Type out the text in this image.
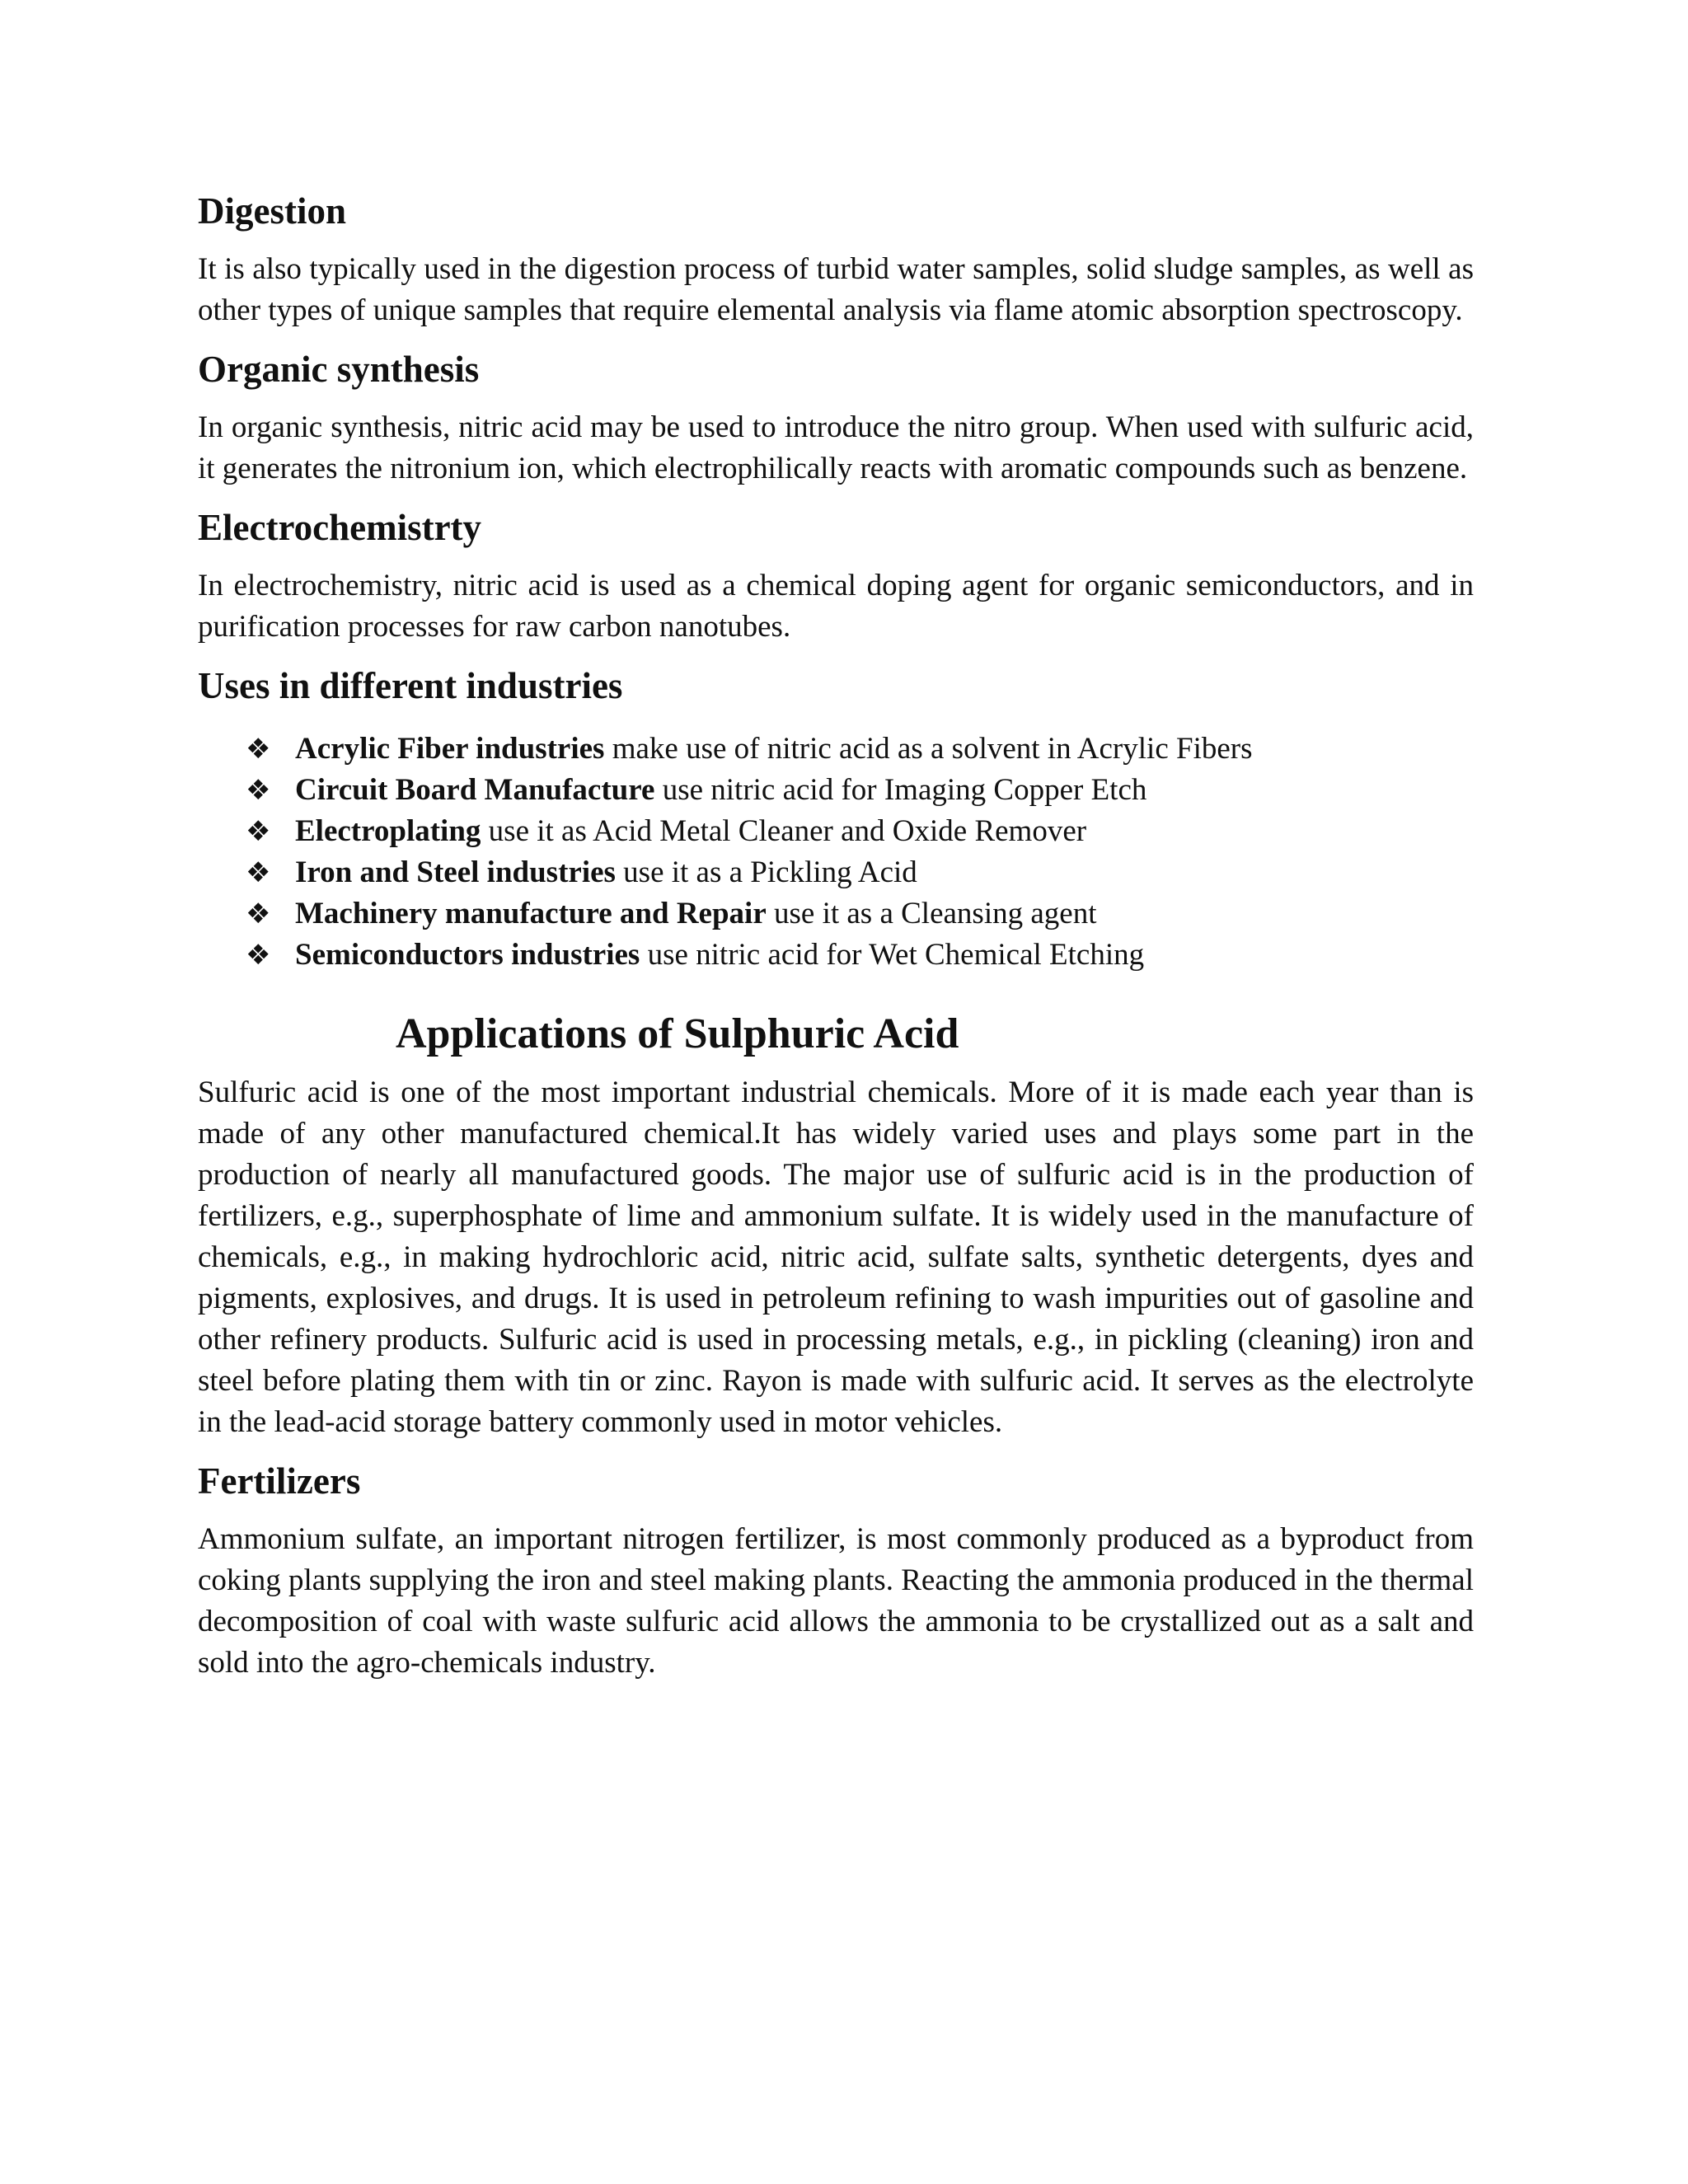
Digestion

It is also typically used in the digestion process of turbid water samples, solid sludge samples, as well as other types of unique samples that require elemental analysis via flame atomic absorption spectroscopy.

Organic synthesis

In organic synthesis, nitric acid may be used to introduce the nitro group. When used with sulfuric acid, it generates the nitronium ion, which electrophilically reacts with aromatic compounds such as benzene.

Electrochemistrty

In electrochemistry, nitric acid is used as a chemical doping agent for organic semiconductors, and in purification processes for raw carbon nanotubes.

Uses in different industries
❖ Acrylic Fiber industries make use of nitric acid as a solvent in Acrylic Fibers
❖ Circuit Board Manufacture use nitric acid for Imaging Copper Etch
❖ Electroplating use it as Acid Metal Cleaner and Oxide Remover
❖ Iron and Steel industries use it as a Pickling Acid
❖ Machinery manufacture and Repair use it as a Cleansing agent
❖ Semiconductors industries use nitric acid for Wet Chemical Etching
Applications of Sulphuric Acid

Sulfuric acid is one of the most important industrial chemicals. More of it is made each year than is made of any other manufactured chemical.It has widely varied uses and plays some part in the production of nearly all manufactured goods. The major use of sulfuric acid is in the production of fertilizers, e.g., superphosphate of lime and ammonium sulfate. It is widely used in the manufacture of chemicals, e.g., in making hydrochloric acid, nitric acid, sulfate salts, synthetic detergents, dyes and pigments, explosives, and drugs. It is used in petroleum refining to wash impurities out of gasoline and other refinery products. Sulfuric acid is used in processing metals, e.g., in pickling (cleaning) iron and steel before plating them with tin or zinc. Rayon is made with sulfuric acid. It serves as the electrolyte in the lead-acid storage battery commonly used in motor vehicles.

Fertilizers

Ammonium sulfate, an important nitrogen fertilizer, is most commonly produced as a byproduct from coking plants supplying the iron and steel making plants. Reacting the ammonia produced in the thermal decomposition of coal with waste sulfuric acid allows the ammonia to be crystallized out as a salt and sold into the agro-chemicals industry.
